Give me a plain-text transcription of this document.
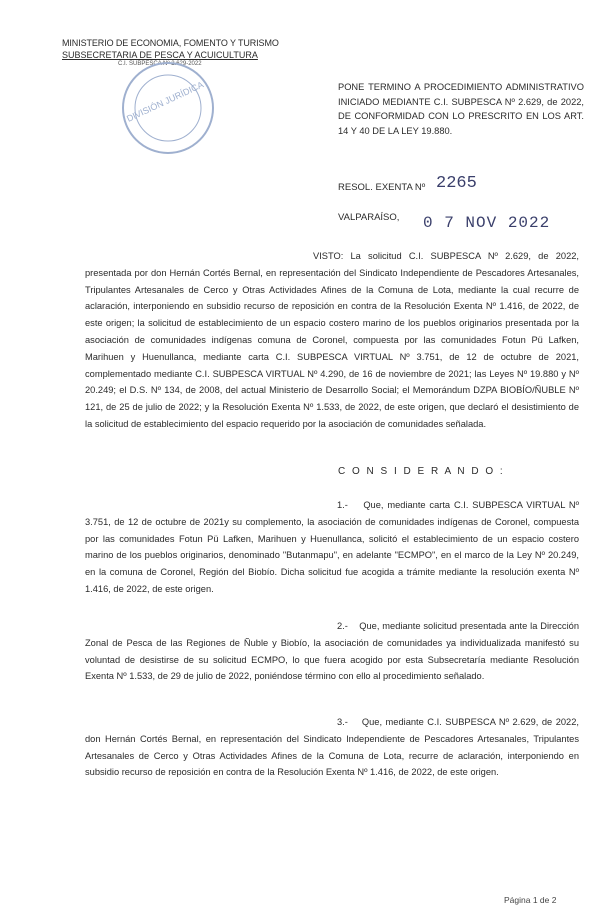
MINISTERIO DE ECONOMIA, FOMENTO Y TURISMO
SUBSECRETARIA DE PESCA Y ACUICULTURA
C.I. SUBPESCA Nº 2.629-2022
DIVISIÓN JURÍDICA	PONE TERMINO A PROCEDIMIENTO ADMINISTRATIVO INICIADO MEDIANTE C.I. SUBPESCA Nº 2.629, de 2022, DE CONFORMIDAD CON LO PRESCRITO EN LOS ART. 14 Y 40 DE LA LEY 19.880.
RESOL. EXENTA Nº 2265
VALPARAÍSO, 0 7 NOV 2022
VISTO: La solicitud C.I. SUBPESCA Nº 2.629, de 2022, presentada por don Hernán Cortés Bernal, en representación del Sindicato Independiente de Pescadores Artesanales, Tripulantes Artesanales de Cerco y Otras Actividades Afines de la Comuna de Lota, mediante la cual recurre de aclaración, interponiendo en subsidio recurso de reposición en contra de la Resolución Exenta Nº 1.416, de 2022, de este origen; la solicitud de establecimiento de un espacio costero marino de los pueblos originarios presentada por la asociación de comunidades indígenas comuna de Coronel, compuesta por las comunidades Fotun Pü Lafken, Marihuen y Huenullanca, mediante carta C.I. SUBPESCA VIRTUAL Nº 3.751, de 12 de octubre de 2021, complementado mediante C.I. SUBPESCA VIRTUAL Nº 4.290, de 16 de noviembre de 2021; las Leyes Nº 19.880 y Nº 20.249; el D.S. Nº 134, de 2008, del actual Ministerio de Desarrollo Social; el Memorándum DZPA BIOBÍO/ÑUBLE Nº 121, de 25 de julio de 2022; y la Resolución Exenta Nº 1.533, de 2022, de este origen, que declaró el desistimiento de la solicitud de establecimiento del espacio requerido por la asociación de comunidades señalada.
C O N S I D E R A N D O :
1.- Que, mediante carta C.I. SUBPESCA VIRTUAL Nº 3.751, de 12 de octubre de 2021y su complemento, la asociación de comunidades indígenas de Coronel, compuesta por las comunidades Fotun Pü Lafken, Marihuen y Huenullanca, solicitó el establecimiento de un espacio costero marino de los pueblos originarios, denominado "Butanmapu", en adelante "ECMPO", en el marco de la Ley Nº 20.249, en la comuna de Coronel, Región del Biobío. Dicha solicitud fue acogida a trámite mediante la resolución exenta Nº 1.416, de 2022, de este origen.
2.- Que, mediante solicitud presentada ante la Dirección Zonal de Pesca de las Regiones de Ñuble y Biobío, la asociación de comunidades ya individualizada manifestó su voluntad de desistirse de su solicitud ECMPO, lo que fuera acogido por esta Subsecretaría mediante Resolución Exenta Nº 1.533, de 29 de julio de 2022, poniéndose término con ello al procedimiento señalado.
3.- Que, mediante C.I. SUBPESCA Nº 2.629, de 2022, don Hernán Cortés Bernal, en representación del Sindicato Independiente de Pescadores Artesanales, Tripulantes Artesanales de Cerco y Otras Actividades Afines de la Comuna de Lota, recurre de aclaración, interponiendo en subsidio recurso de reposición en contra de la Resolución Exenta Nº 1.416, de 2022, de este origen.
Página 1 de 2
